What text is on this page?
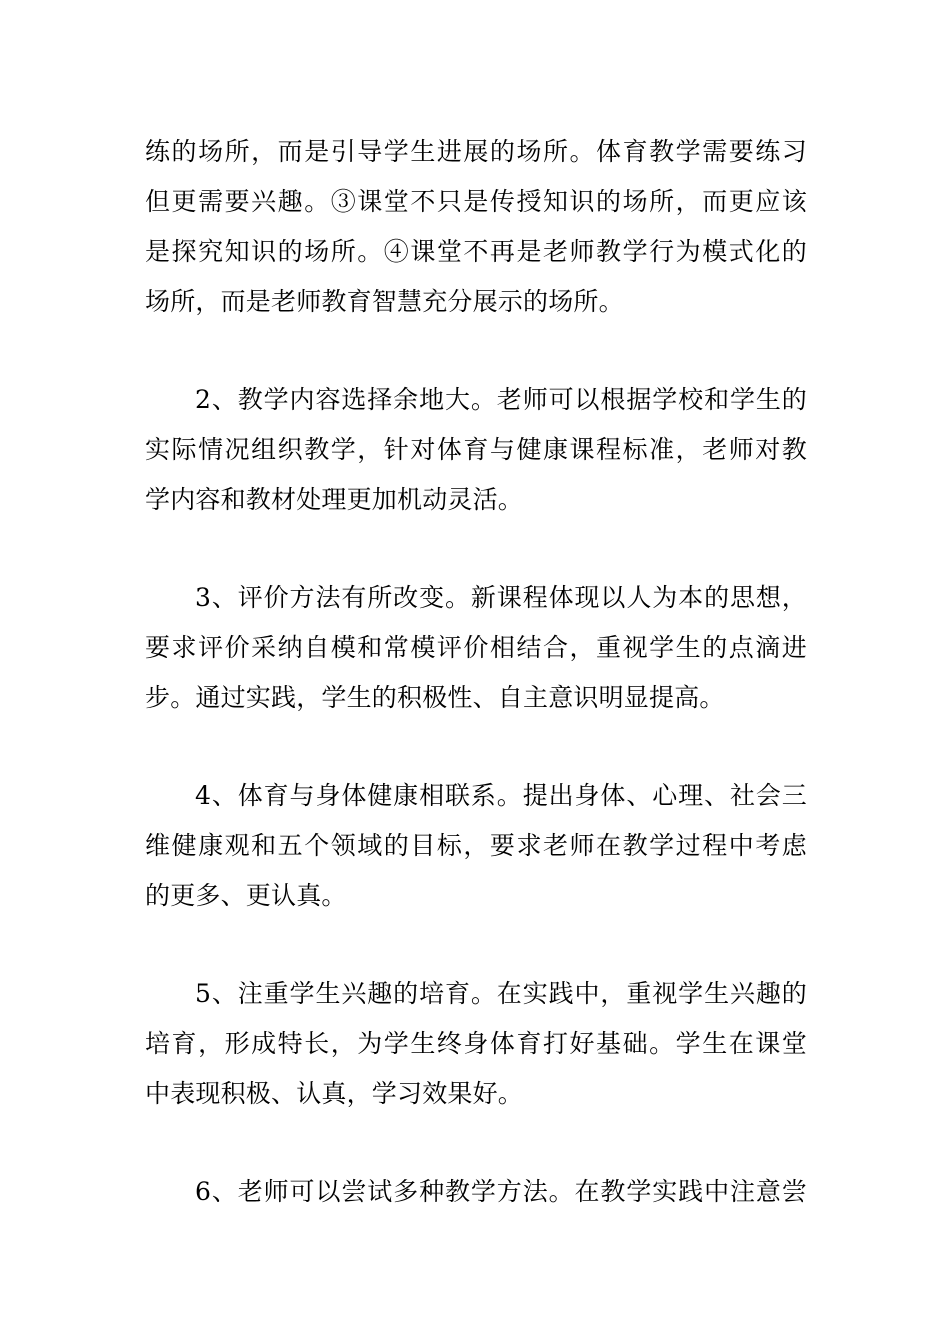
练的场所，而是引导学生进展的场所。体育教学需要练习
但更需要兴趣。③课堂不只是传授知识的场所，而更应该
是探究知识的场所。④课堂不再是老师教学行为模式化的
场所，而是老师教育智慧充分展示的场所。
2、教学内容选择余地大。老师可以根据学校和学生的
实际情况组织教学，针对体育与健康课程标准，老师对教
学内容和教材处理更加机动灵活。
3、评价方法有所改变。新课程体现以人为本的思想，
要求评价采纳自模和常模评价相结合，重视学生的点滴进
步。通过实践，学生的积极性、自主意识明显提高。
4、体育与身体健康相联系。提出身体、心理、社会三
维健康观和五个领域的目标，要求老师在教学过程中考虑
的更多、更认真。
5、注重学生兴趣的培育。在实践中，重视学生兴趣的
培育，形成特长，为学生终身体育打好基础。学生在课堂
中表现积极、认真，学习效果好。
6、老师可以尝试多种教学方法。在教学实践中注意尝
